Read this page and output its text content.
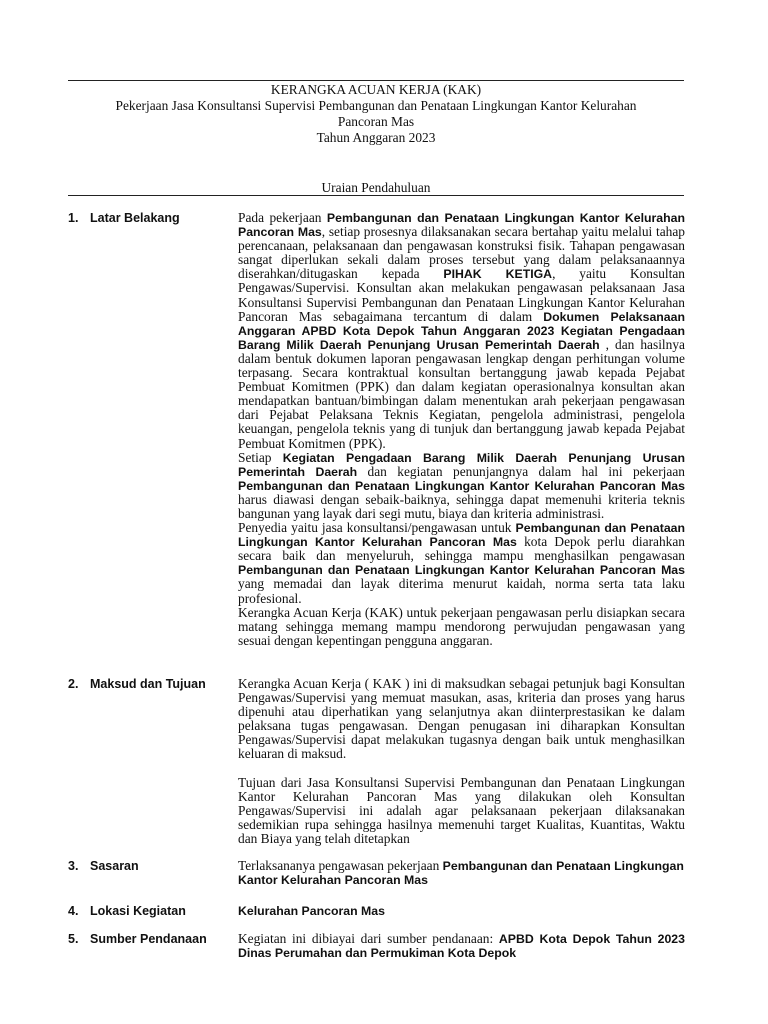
KERANGKA ACUAN KERJA (KAK)
Pekerjaan Jasa Konsultansi Supervisi Pembangunan dan Penataan Lingkungan Kantor Kelurahan
Pancoran Mas
Tahun Anggaran 2023
Uraian Pendahuluan
1. Latar Belakang	Pada pekerjaan Pembangunan dan Penataan Lingkungan Kantor Kelurahan Pancoran Mas, setiap prosesnya dilaksanakan secara bertahap yaitu melalui tahap perencanaan, pelaksanaan dan pengawasan konstruksi fisik. Tahapan pengawasan sangat diperlukan sekali dalam proses tersebut yang dalam pelaksanaannya diserahkan/ditugaskan kepada PIHAK KETIGA, yaitu Konsultan Pengawas/Supervisi. Konsultan akan melakukan pengawasan pelaksanaan Jasa Konsultansi Supervisi Pembangunan dan Penataan Lingkungan Kantor Kelurahan Pancoran Mas sebagaimana tercantum di dalam Dokumen Pelaksanaan Anggaran APBD Kota Depok Tahun Anggaran 2023 Kegiatan Pengadaan Barang Milik Daerah Penunjang Urusan Pemerintah Daerah , dan hasilnya dalam bentuk dokumen laporan pengawasan lengkap dengan perhitungan volume terpasang. Secara kontraktual konsultan bertanggung jawab kepada Pejabat Pembuat Komitmen (PPK) dan dalam kegiatan operasionalnya konsultan akan mendapatkan bantuan/bimbingan dalam menentukan arah pekerjaan pengawasan dari Pejabat Pelaksana Teknis Kegiatan, pengelola administrasi, pengelola keuangan, pengelola teknis yang di tunjuk dan bertanggung jawab kepada Pejabat Pembuat Komitmen (PPK).

Setiap Kegiatan Pengadaan Barang Milik Daerah Penunjang Urusan Pemerintah Daerah dan kegiatan penunjangnya dalam hal ini pekerjaan Pembangunan dan Penataan Lingkungan Kantor Kelurahan Pancoran Mas harus diawasi dengan sebaik-baiknya, sehingga dapat memenuhi kriteria teknis bangunan yang layak dari segi mutu, biaya dan kriteria administrasi.

Penyedia yaitu jasa konsultansi/pengawasan untuk Pembangunan dan Penataan Lingkungan Kantor Kelurahan Pancoran Mas kota Depok perlu diarahkan secara baik dan menyeluruh, sehingga mampu menghasilkan pengawasan Pembangunan dan Penataan Lingkungan Kantor Kelurahan Pancoran Mas yang memadai dan layak diterima menurut kaidah, norma serta tata laku profesional.

Kerangka Acuan Kerja (KAK) untuk pekerjaan pengawasan perlu disiapkan secara matang sehingga memang mampu mendorong perwujudan pengawasan yang sesuai dengan kepentingan pengguna anggaran.

2. Maksud dan Tujuan	Kerangka Acuan Kerja ( KAK ) ini di maksudkan sebagai petunjuk bagi Konsultan Pengawas/Supervisi yang memuat masukan, asas, kriteria dan proses yang harus dipenuhi atau diperhatikan yang selanjutnya akan diinterprestasikan ke dalam pelaksana tugas pengawasan. Dengan penugasan ini diharapkan Konsultan Pengawas/Supervisi dapat melakukan tugasnya dengan baik untuk menghasilkan keluaran di maksud.

Tujuan dari Jasa Konsultansi Supervisi Pembangunan dan Penataan Lingkungan Kantor Kelurahan Pancoran Mas yang dilakukan oleh Konsultan Pengawas/Supervisi ini adalah agar pelaksanaan pekerjaan dilaksanakan sedemikian rupa sehingga hasilnya memenuhi target Kualitas, Kuantitas, Waktu dan Biaya yang telah ditetapkan

3. Sasaran	Terlaksananya pengawasan pekerjaan Pembangunan dan Penataan Lingkungan Kantor Kelurahan Pancoran Mas

4. Lokasi Kegiatan	Kelurahan Pancoran Mas

5. Sumber Pendanaan	Kegiatan ini dibiayai dari sumber pendanaan: APBD Kota Depok Tahun 2023 Dinas Perumahan dan Permukiman Kota Depok
